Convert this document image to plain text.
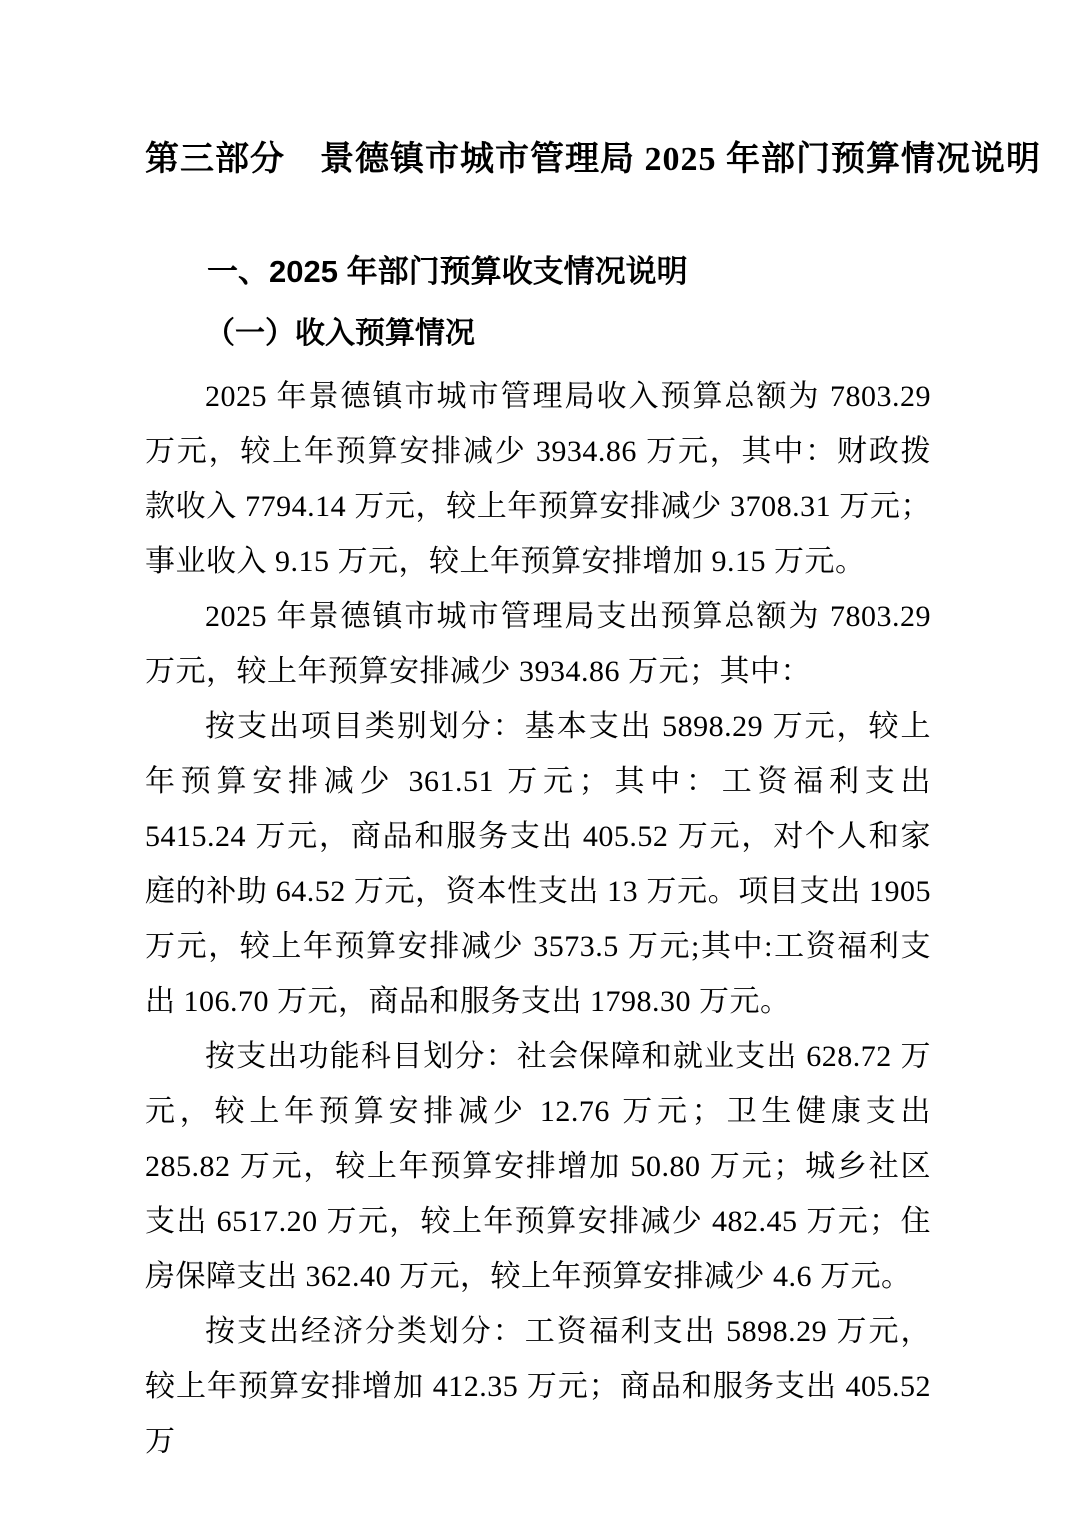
第三部分　景德镇市城市管理局 2025 年部门预算情况说明
一、2025 年部门预算收支情况说明
（一）收入预算情况

2025 年景德镇市城市管理局收入预算总额为 7803.29 万元，较上年预算安排减少 3934.86 万元，其中：财政拨款收入 7794.14 万元，较上年预算安排减少 3708.31 万元；事业收入 9.15 万元，较上年预算安排增加 9.15 万元。

2025 年景德镇市城市管理局支出预算总额为 7803.29 万元，较上年预算安排减少 3934.86 万元；其中：

按支出项目类别划分：基本支出 5898.29 万元，较上年预算安排减少 361.51 万元；其中：工资福利支出 5415.24 万元，商品和服务支出 405.52 万元，对个人和家庭的补助 64.52 万元，资本性支出 13 万元。项目支出 1905 万元，较上年预算安排减少 3573.5 万元;其中:工资福利支出 106.70 万元，商品和服务支出 1798.30 万元。

按支出功能科目划分：社会保障和就业支出 628.72 万元，较上年预算安排减少 12.76 万元；卫生健康支出 285.82 万元，较上年预算安排增加 50.80 万元；城乡社区支出 6517.20 万元，较上年预算安排减少 482.45 万元；住房保障支出 362.40 万元，较上年预算安排减少 4.6 万元。

按支出经济分类划分：工资福利支出 5898.29 万元，较上年预算安排增加 412.35 万元；商品和服务支出 405.52 万
